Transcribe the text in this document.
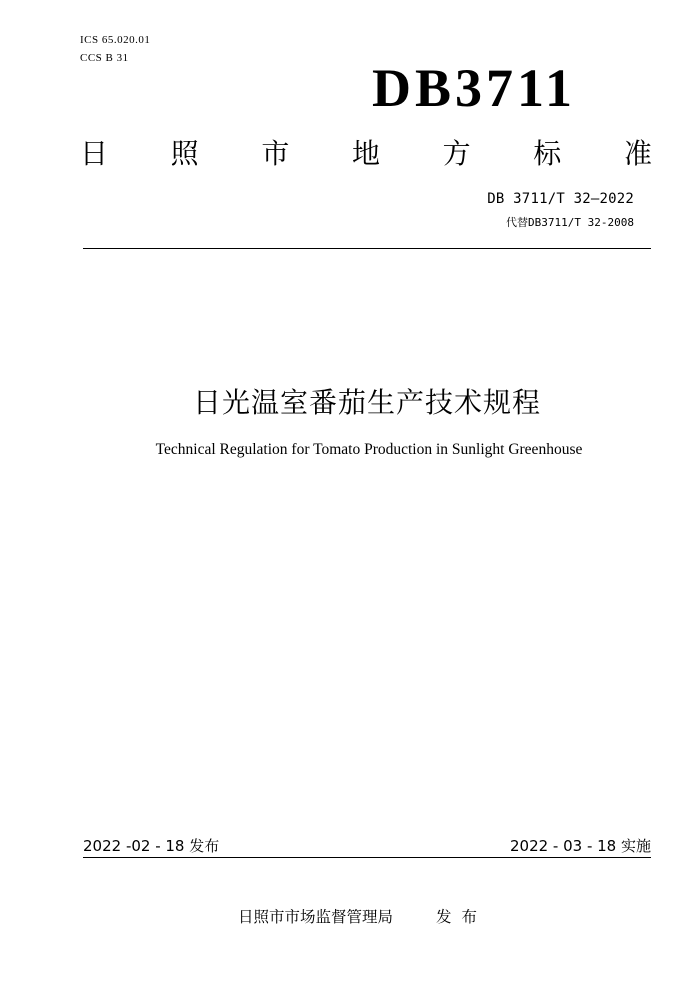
ICS 65.020.01
CCS B 31	DB3711
日 照 市 地 方 标 准
DB 3711/T 32—2022
代替DB3711/T 32-2008
日光温室番茄生产技术规程
Technical Regulation for Tomato Production in Sunlight Greenhouse
2022 -02 - 18 发布	2022 - 03 - 18 实施
日照市市场监督管理局	发布
